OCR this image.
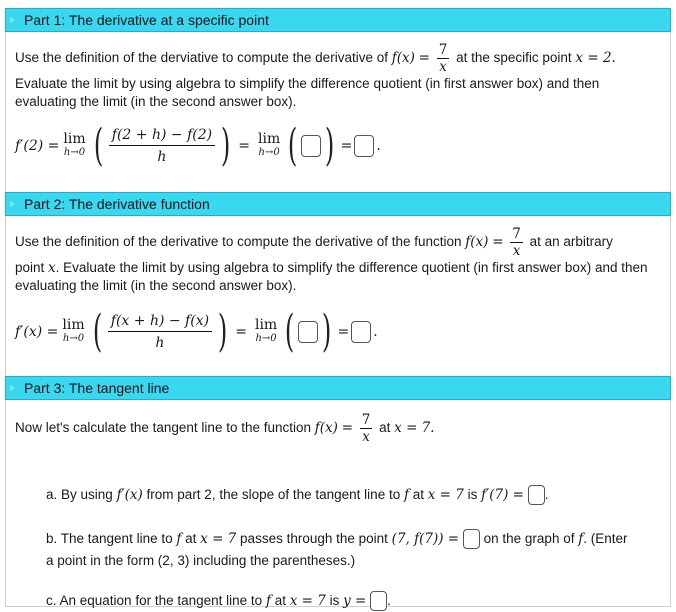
Part 1: The derivative at a specific point
Use the definition of the derviative to compute the derivative of $f(x) = \frac{7}{x}$ at the specific point x = 2.
Evaluate the limit by using algebra to simplify the difference quotient (in first answer box) and then evaluating the limit (in the second answer box).
f′(2) = lim
h→0 ( $\frac{f(2 + h) - f(2)}{h}$ ) = lim
h→0 ( ) = .
Part 2: The derivative function
Use the definition of the derivative to compute the derivative of the function $f(x) = \frac{7}{x}$ at an arbitrary
point x. Evaluate the limit by using algebra to simplify the difference quotient (in first answer box) and then evaluating the limit (in the second answer box).
f′(x) = lim
h→0 ( $\frac{f(x + h) - f(x)}{h}$ ) = lim
h→0 ( ) = .
Part 3: The tangent line
Now let's calculate the tangent line to the function $f(x) = \frac{7}{x}$ at x = 7.
a. By using f′(x) from part 2, the slope of the tangent line to f at x = 7 is f′(7) = .
b. The tangent line to f at x = 7 passes through the point (7, f(7)) = on the graph of f. (Enter
a point in the form (2, 3) including the parentheses.)
c. An equation for the tangent line to f at x = 7 is y = .
